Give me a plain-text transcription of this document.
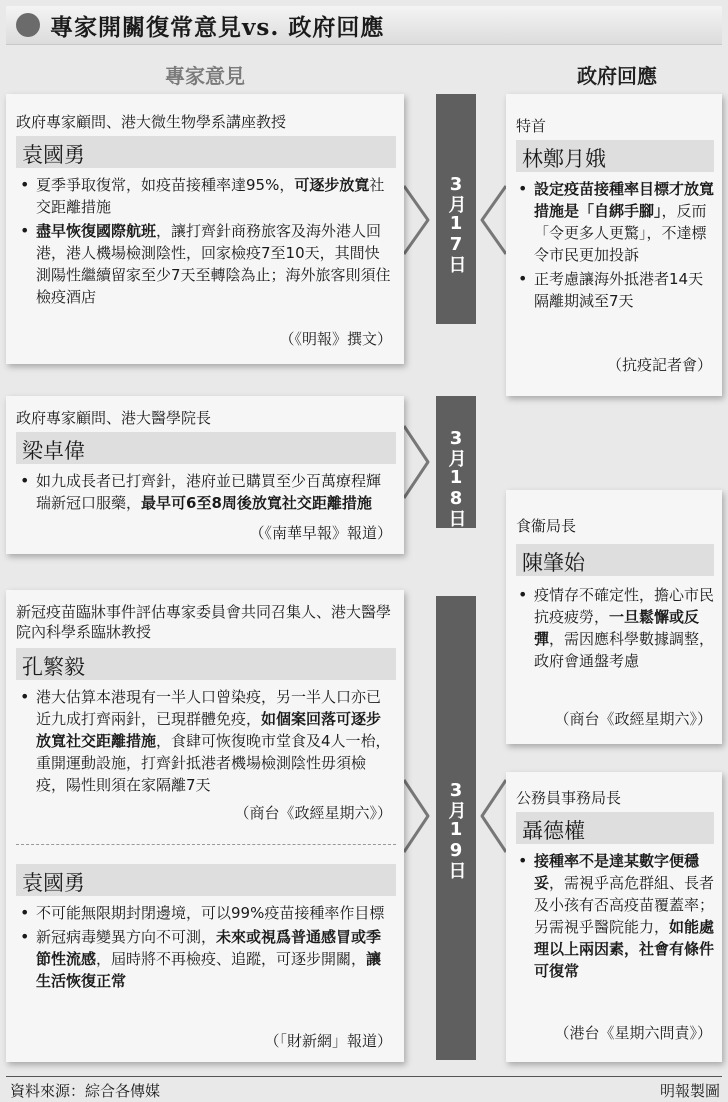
專家開關復常意見vs. 政府回應
專家意見	政府回應
3月17日
3月18日
3月19日
政府專家顧問、港大微生物學系講座教授
袁國勇
• 夏季爭取復常，如疫苗接種率達95%，可逐步放寬社交距離措施
• 盡早恢復國際航班，讓打齊針商務旅客及海外港人回港，港人機場檢測陰性，回家檢疫7至10天，其間快測陽性繼續留家至少7天至轉陰為止；海外旅客則須住檢疫酒店
（《明報》撰文）
政府專家顧問、港大醫學院長
梁卓偉
• 如九成長者已打齊針，港府並已購買至少百萬療程輝瑞新冠口服藥，最早可6至8周後放寬社交距離措施
（《南華早報》報道）
新冠疫苗臨牀事件評估專家委員會共同召集人、港大醫學院內科學系臨牀教授
孔繁毅
• 港大估算本港現有一半人口曾染疫，另一半人口亦已近九成打齊兩針，已現群體免疫，如個案回落可逐步放寬社交距離措施，食肆可恢復晚市堂食及4人一枱，重開運動設施，打齊針抵港者機場檢測陰性毋須檢疫，陽性則須在家隔離7天
（商台《政經星期六》）
袁國勇
• 不可能無限期封閉邊境，可以99%疫苗接種率作目標
• 新冠病毒變異方向不可測，未來或視爲普通感冒或季節性流感，屆時將不再檢疫、追蹤，可逐步開關，讓生活恢復正常
（「財新網」報道）
特首
林鄭月娥
• 設定疫苗接種率目標才放寬措施是「自綁手腳」，反而「令更多人更驚」，不達標令市民更加投訴
• 正考慮讓海外抵港者14天隔離期減至7天
（抗疫記者會）
食衞局長
陳肇始
• 疫情存不確定性，擔心市民抗疫疲勞，一旦鬆懈或反彈，需因應科學數據調整，政府會通盤考慮
（商台《政經星期六》）
公務員事務局長
聶德權
• 接種率不是達某數字便穩妥，需視乎高危群組、長者及小孩有否高疫苗覆蓋率；另需視乎醫院能力，如能處理以上兩因素，社會有條件可復常
（港台《星期六問責》）
資料來源：綜合各傳媒	明報製圖
